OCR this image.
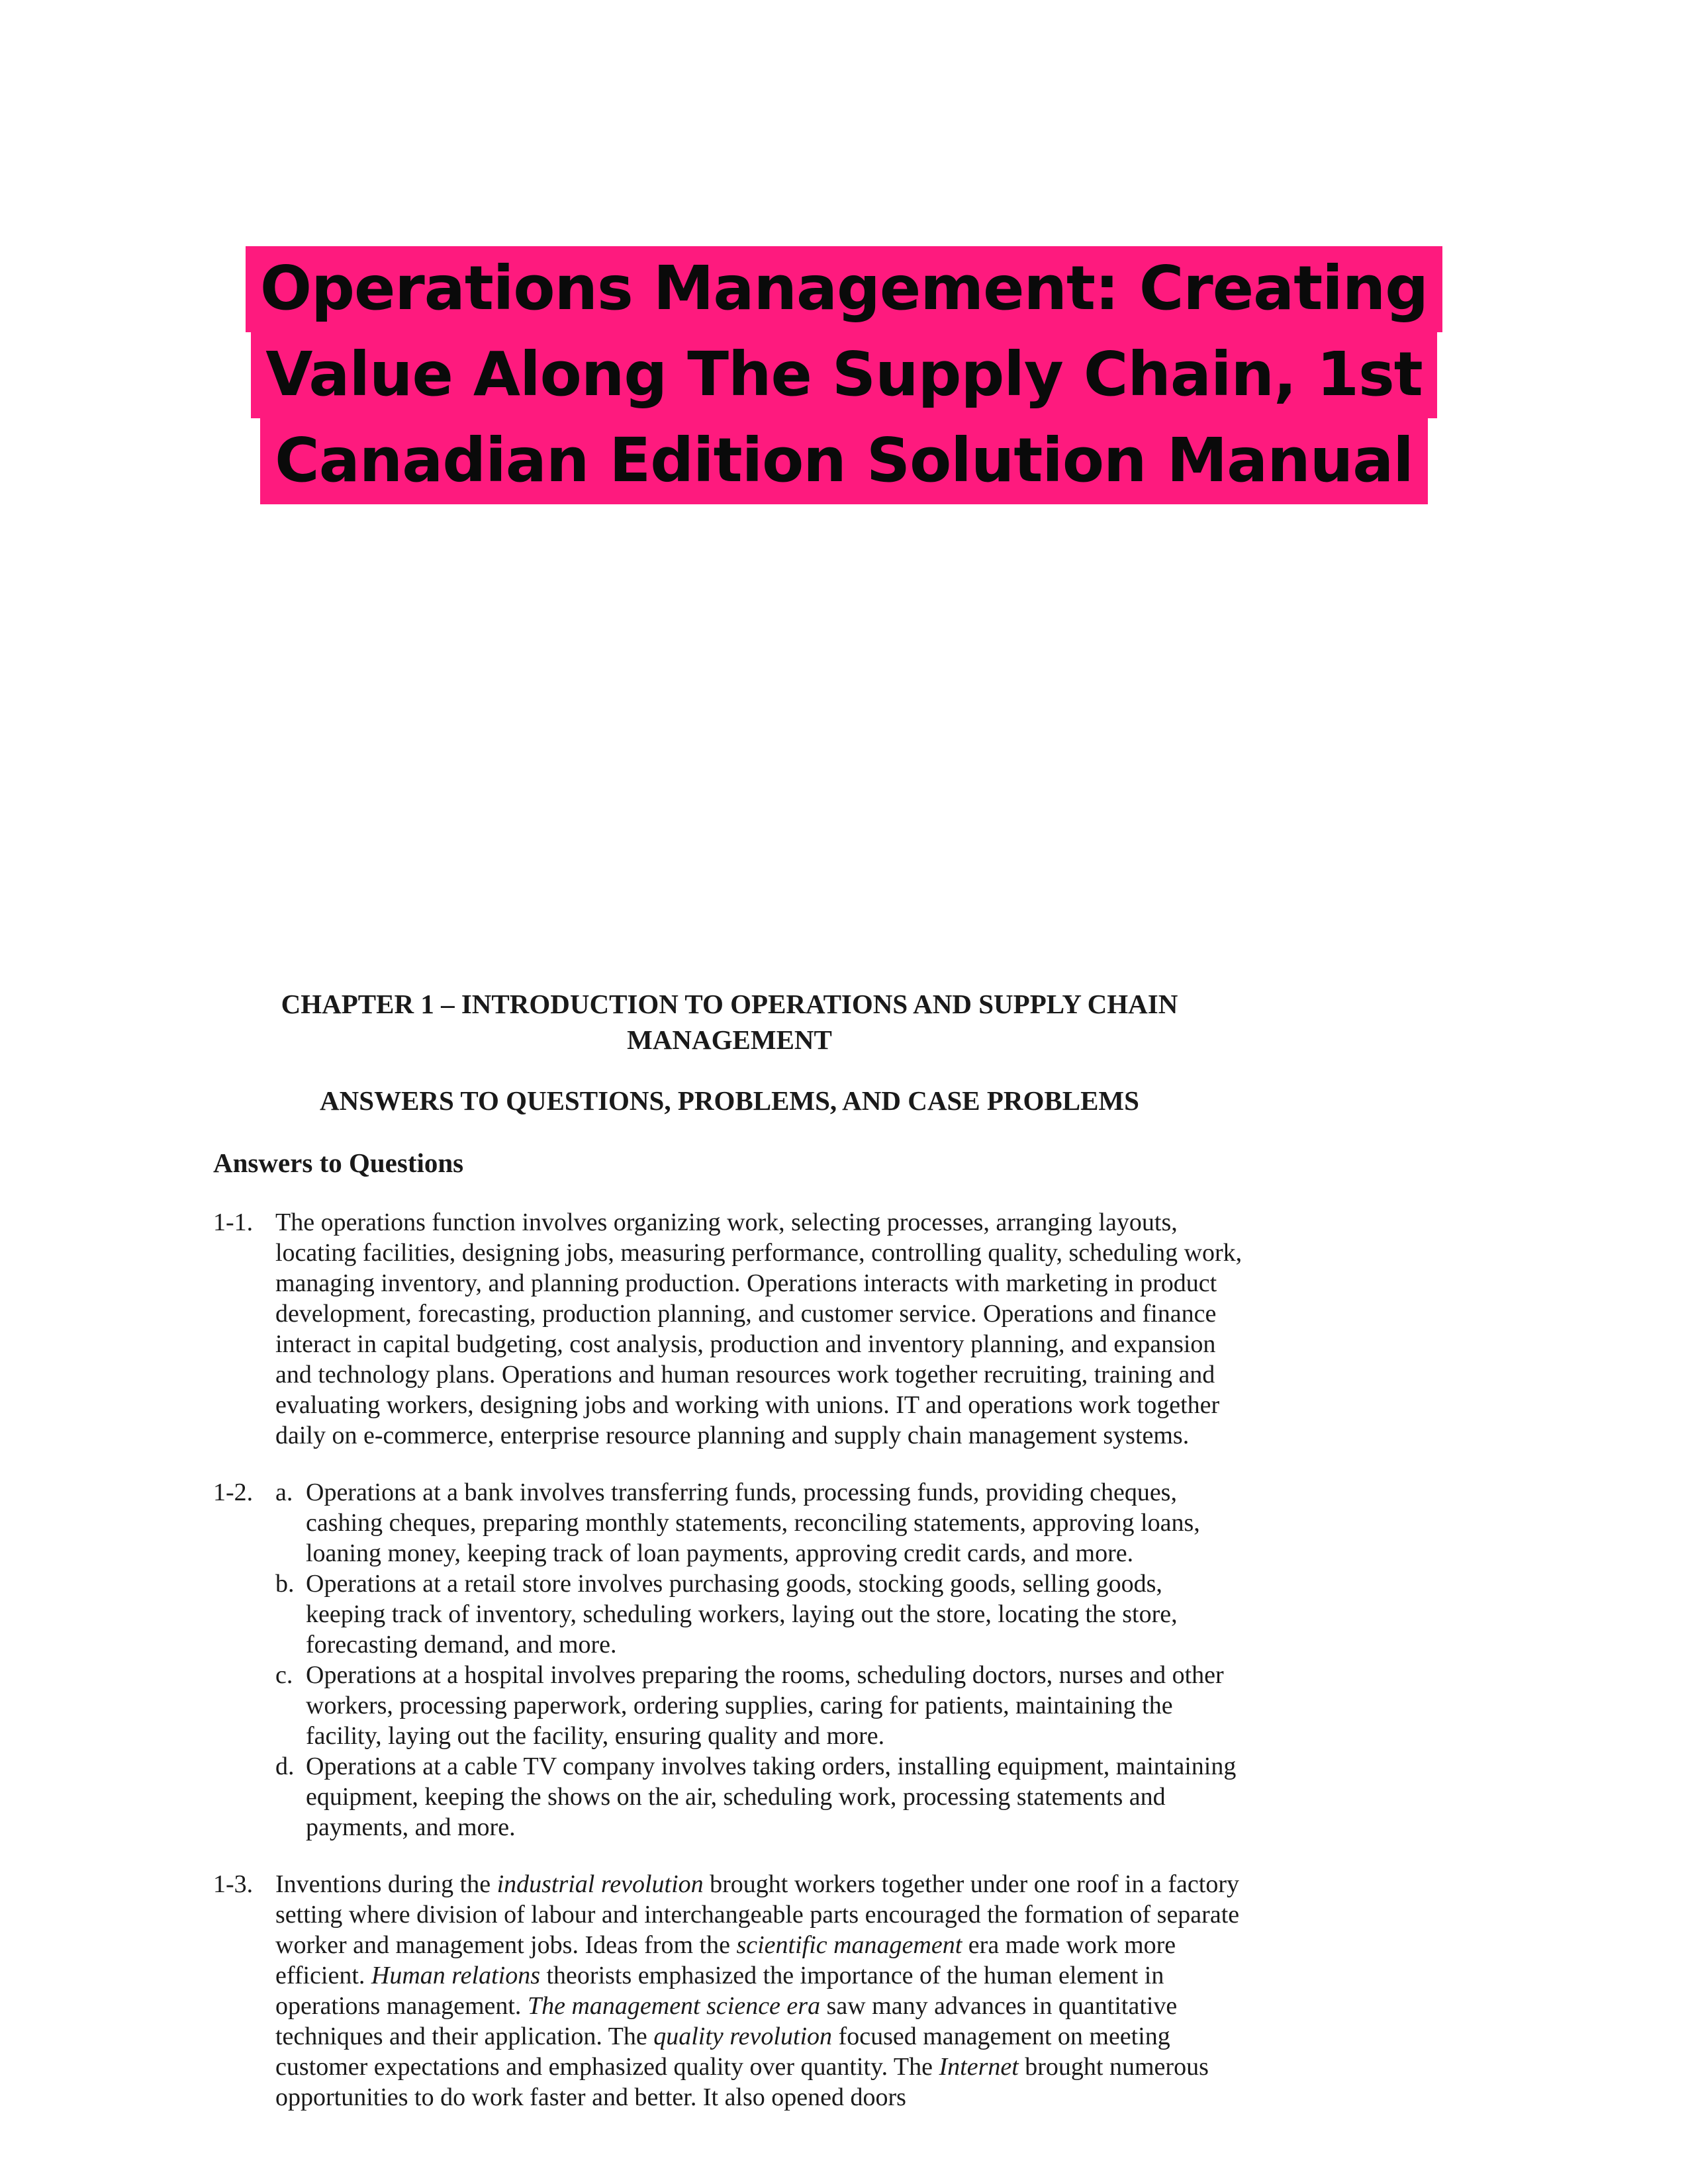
Operations Management: Creating
Value Along The Supply Chain, 1st
Canadian Edition Solution Manual
CHAPTER 1 – INTRODUCTION TO OPERATIONS AND SUPPLY CHAIN
MANAGEMENT
ANSWERS TO QUESTIONS, PROBLEMS, AND CASE PROBLEMS
Answers to Questions
1-1. The operations function involves organizing work, selecting processes, arranging layouts, locating facilities, designing jobs, measuring performance, controlling quality, scheduling work, managing inventory, and planning production. Operations interacts with marketing in product development, forecasting, production planning, and customer service. Operations and finance interact in capital budgeting, cost analysis, production and inventory planning, and expansion and technology plans. Operations and human resources work together recruiting, training and evaluating workers, designing jobs and working with unions. IT and operations work together daily on e-commerce, enterprise resource planning and supply chain management systems.

1-2. a. Operations at a bank involves transferring funds, processing funds, providing cheques, cashing cheques, preparing monthly statements, reconciling statements, approving loans, loaning money, keeping track of loan payments, approving credit cards, and more.

b. Operations at a retail store involves purchasing goods, stocking goods, selling goods, keeping track of inventory, scheduling workers, laying out the store, locating the store, forecasting demand, and more.

c. Operations at a hospital involves preparing the rooms, scheduling doctors, nurses and other workers, processing paperwork, ordering supplies, caring for patients, maintaining the facility, laying out the facility, ensuring quality and more.

d. Operations at a cable TV company involves taking orders, installing equipment, maintaining equipment, keeping the shows on the air, scheduling work, processing statements and payments, and more.

1-3. Inventions during the industrial revolution brought workers together under one roof in a factory setting where division of labour and interchangeable parts encouraged the formation of separate worker and management jobs. Ideas from the scientific management era made work more efficient. Human relations theorists emphasized the importance of the human element in operations management. The management science era saw many advances in quantitative techniques and their application. The quality revolution focused management on meeting customer expectations and emphasized quality over quantity. The Internet brought numerous opportunities to do work faster and better. It also opened doors
